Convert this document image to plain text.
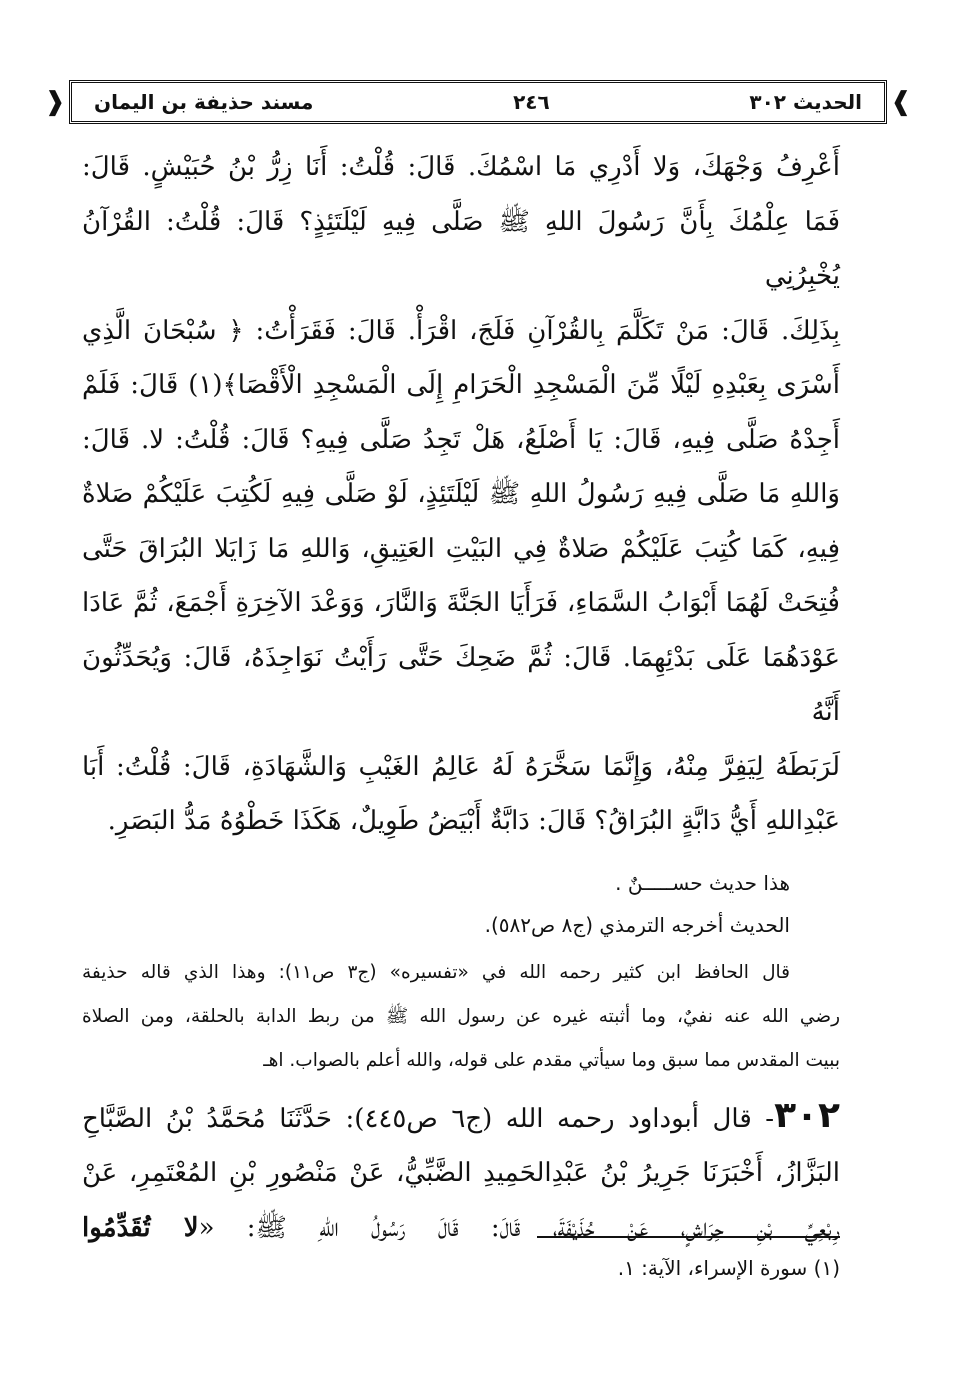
❰
الحديث ٣٠٢
٢٤٦
مسند حذيفة بن اليمان
❱

أَعْرِفُ وَجْهَكَ، وَلا أَدْرِي مَا اسْمُكَ. قَالَ: قُلْتُ: أَنَا زِرُّ بْنُ حُبَيْشٍ. قَالَ:

فَمَا عِلْمُكَ بِأَنَّ رَسُولَ اللهِ ﷺ صَلَّى فِيهِ لَيْلَتَئِذٍ؟ قَالَ: قُلْتُ: القُرْآنُ يُخْبِرُنِي

بِذَلِكَ. قَالَ: مَنْ تَكَلَّمَ بِالقُرْآنِ فَلَجَ، اقْرَأْ. قَالَ: فَقَرَأْتُ: ﴿ سُبْحَانَ الَّذِي

أَسْرَى بِعَبْدِهِ لَيْلًا مِّنَ الْمَسْجِدِ الْحَرَامِ إِلَى الْمَسْجِدِ الْأَقْصَا﴾(١) قَالَ: فَلَمْ

أَجِدْهُ صَلَّى فِيهِ، قَالَ: يَا أَصْلَعُ، هَلْ تَجِدُ صَلَّى فِيهِ؟ قَالَ: قُلْتُ: لا. قَالَ:

وَاللهِ مَا صَلَّى فِيهِ رَسُولُ اللهِ ﷺ لَيْلَتَئِذٍ، لَوْ صَلَّى فِيهِ لَكُتِبَ عَلَيْكُمْ صَلاةٌ

فِيهِ، كَمَا كُتِبَ عَلَيْكُمْ صَلاةٌ فِي البَيْتِ العَتِيقِ، وَاللهِ مَا زَايَلا البُرَاقَ حَتَّى

فُتِحَتْ لَهُمَا أَبْوَابُ السَّمَاءِ، فَرَأَيَا الجَنَّةَ وَالنَّارَ، وَوَعْدَ الآخِرَةِ أَجْمَعَ، ثُمَّ عَادَا

عَوْدَهُمَا عَلَى بَدْئِهِمَا. قَالَ: ثُمَّ ضَحِكَ حَتَّى رَأَيْتُ نَوَاجِذَهُ، قَالَ: وَيُحَدِّثُونَ أَنَّهُ

لَرَبَطَهُ لِيَفِرَّ مِنْهُ، وَإِنَّمَا سَخَّرَهُ لَهُ عَالِمُ الغَيْبِ وَالشَّهَادَةِ، قَالَ: قُلْتُ: أَبَا

عَبْدِاللهِ أَيُّ دَابَّةٍ البُرَاقُ؟ قَالَ: دَابَّةٌ أَبْيَضُ طَوِيلٌ، هَكَذَا خَطْوُهُ مَدُّ البَصَرِ.

هذا حديث حســـــنٌ .
الحديث أخرجه الترمذي (ج٨ ص٥٨٢).

قال الحافظ ابن كثير رحمه الله في «تفسيره» (ج٣ ص١١): وهذا الذي قاله حذيفة

رضي الله عنه نفيٌ، وما أثبته غيره عن رسول الله ﷺ من ربط الدابة بالحلقة، ومن الصلاة

ببيت المقدس مما سبق وما سيأتي مقدم على قوله، والله أعلم بالصواب. اهـ

٣٠٢- قال أبوداود رحمه الله (ج٦ ص٤٤٥): حَدَّثَنَا مُحَمَّدُ بْنُ الصَّبَّاحِ

البَزَّازُ، أَخْبَرَنَا جَرِيرُ بْنُ عَبْدِالحَمِيدِ الضَّبِّيُّ، عَنْ مَنْصُورِ بْنِ المُعْتَمِرِ، عَنْ

رِبْعِيِّ بْنِ حِرَاشٍ، عَنْ حُذَيْفَةَ، قَالَ: قَالَ رَسُولُ اللهِ ﷺ: «لا تُقَدِّمُوا

(١) سورة الإسراء، الآية: ١.
